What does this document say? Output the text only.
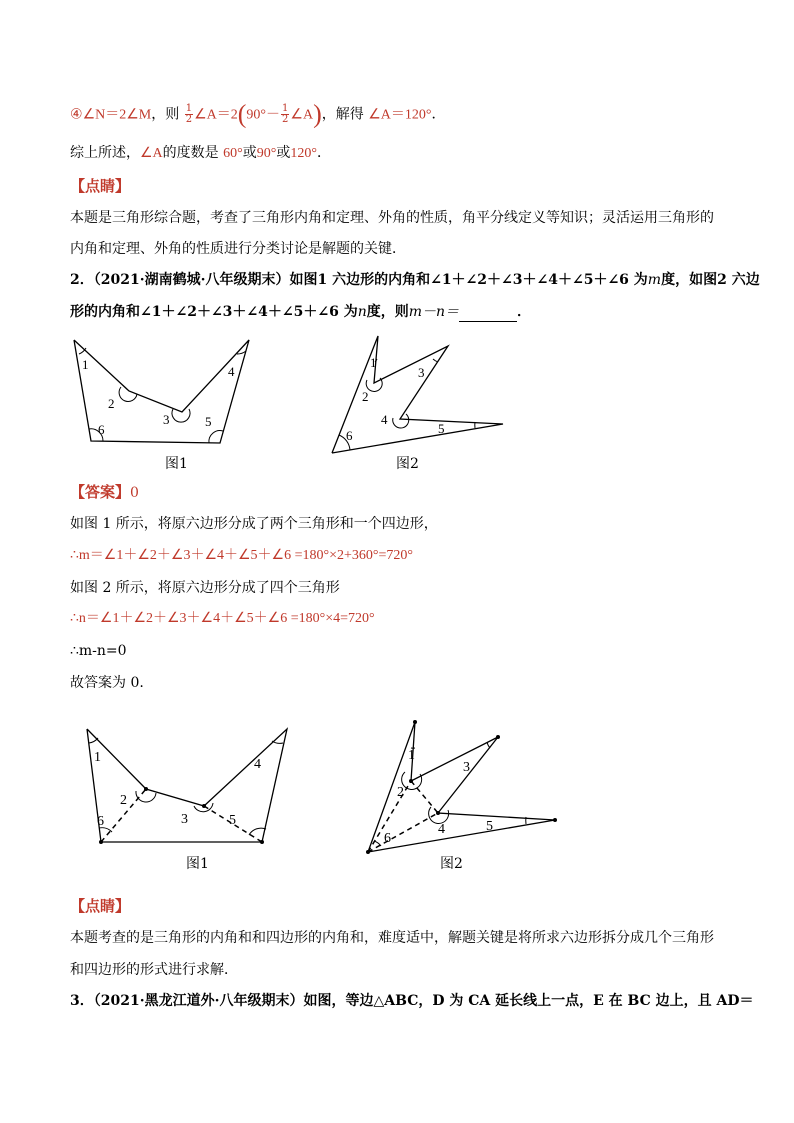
④∠N＝2∠M，则 $\frac{1}{2}$ ∠A＝2(90°－ $\frac{1}{2}$ ∠A)，解得 ∠A＝120°．
综上所述，∠A的度数是 60°或90°或120°．
【点睛】
本题是三角形综合题，考查了三角形内角和定理、外角的性质，角平分线定义等知识；灵活运用三角形的
内角和定理、外角的性质进行分类讨论是解题的关键．
2．（2021·湖南鹤城·八年级期末）如图1 六边形的内角和∠1＋∠2＋∠3＋∠4＋∠5＋∠6 为m度，如图2 六边
形的内角和∠1＋∠2＋∠3＋∠4＋∠5＋∠6 为n度，则m－n＝	．
1
2
3
4
5
6
图1
1
2
3
4
5
6
图2
【答案】0
如图 1 所示，将原六边形分成了两个三角形和一个四边形，
∴m＝∠1＋∠2＋∠3＋∠4＋∠5＋∠6 =180°×2+360°=720°
如图 2 所示，将原六边形分成了四个三角形
∴n＝∠1＋∠2＋∠3＋∠4＋∠5＋∠6 =180°×4=720°
∴m-n=0
故答案为 0.
1
2
3
4
5
6
图1
1
2
3
4	5
6
图2
【点睛】
本题考查的是三角形的内角和和四边形的内角和，难度适中，解题关键是将所求六边形拆分成几个三角形
和四边形的形式进行求解．
3．（2021·黑龙江道外·八年级期末）如图，等边△ABC，D 为 CA 延长线上一点，E 在 BC 边上，且 AD＝
